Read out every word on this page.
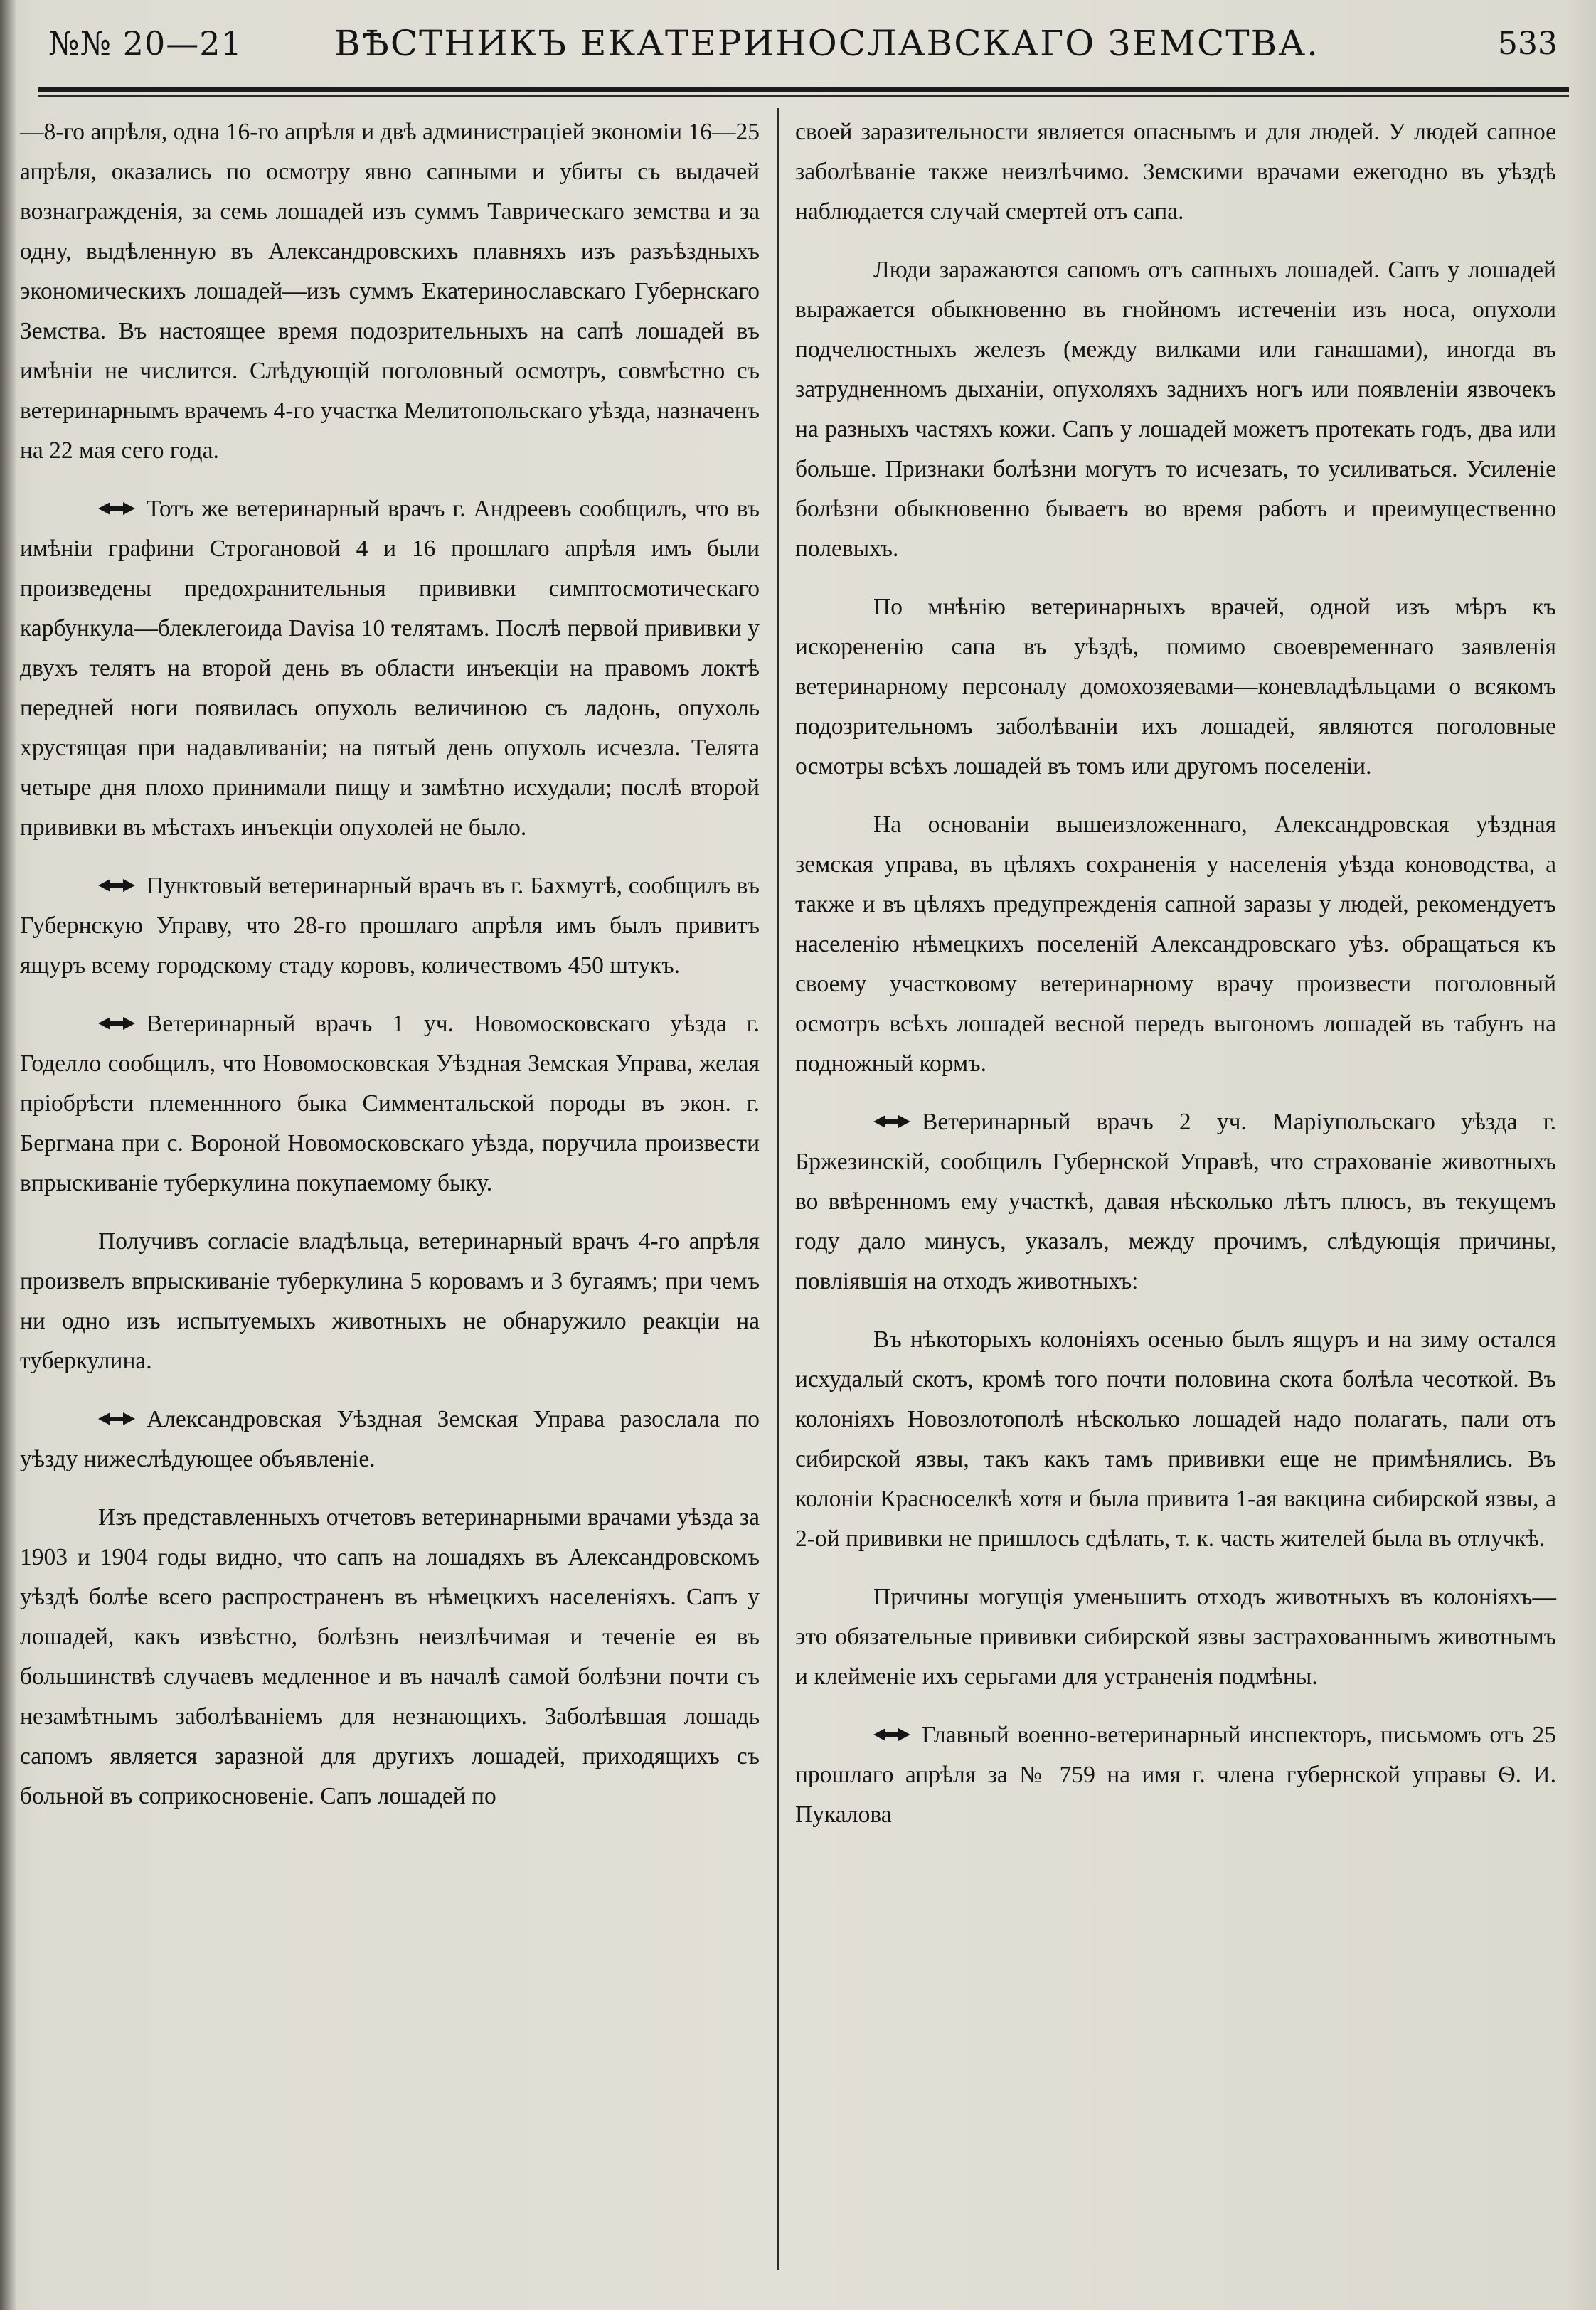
№№ 20—21	ВѢСТНИКЪ ЕКАТЕРИНОСЛАВСКАГО ЗЕМСТВА.	533

—8-го апрѣля, одна 16-го апрѣля и двѣ администраціей экономіи 16—25 апрѣля, оказались по осмотру явно сапными и убиты съ выдачей вознагражденія, за семь лошадей изъ суммъ Таврическаго земства и за одну, выдѣленную въ Александровскихъ плавняхъ изъ разъѣздныхъ экономическихъ лошадей—изъ суммъ Екатеринославскаго Губернскаго Земства. Въ настоящее время подозрительныхъ на сапѣ лошадей въ имѣніи не числится. Слѣдующій поголовный осмотръ, совмѣстно съ ветеринарнымъ врачемъ 4-го участка Мелитопольскаго уѣзда, назначенъ на 22 мая сего года.

Тотъ же ветеринарный врачъ г. Андреевъ сообщилъ, что въ имѣніи графини Строгановой 4 и 16 прошлаго апрѣля имъ были произведены предохранительныя прививки симптосмотическаго карбункула—блеклегоида Davisa 10 телятамъ. Послѣ первой прививки у двухъ телятъ на второй день въ области инъекціи на правомъ локтѣ передней ноги появилась опухоль величиною съ ладонь, опухоль хрустящая при надавливаніи; на пятый день опухоль исчезла. Телята четыре дня плохо принимали пищу и замѣтно исхудали; послѣ второй прививки въ мѣстахъ инъекціи опухолей не было.

Пунктовый ветеринарный врачъ въ г. Бахмутѣ, сообщилъ въ Губернскую Управу, что 28-го прошлаго апрѣля имъ былъ привитъ ящуръ всему городскому стаду коровъ, количествомъ 450 штукъ.

Ветеринарный врачъ 1 уч. Новомосковскаго уѣзда г. Годелло сообщилъ, что Новомосковская Уѣздная Земская Управа, желая пріобрѣсти племеннного быка Симментальской породы въ экон. г. Бергмана при с. Вороной Новомосковскаго уѣзда, поручила произвести впрыскиваніе туберкулина покупаемому быку.

Получивъ согласіе владѣльца, ветеринарный врачъ 4-го апрѣля произвелъ впрыскиваніе туберкулина 5 коровамъ и 3 бугаямъ; при чемъ ни одно изъ испытуемыхъ животныхъ не обнаружило реакціи на туберкулина.

Александровская Уѣздная Земская Управа разослала по уѣзду нижеслѣдующее объявленіе.

Изъ представленныхъ отчетовъ ветеринарными врачами уѣзда за 1903 и 1904 годы видно, что сапъ на лошадяхъ въ Александровскомъ уѣздѣ болѣе всего распространенъ въ нѣмецкихъ населеніяхъ. Сапъ у лошадей, какъ извѣстно, болѣзнь неизлѣчимая и теченіе ея въ большинствѣ случаевъ медленное и въ началѣ самой болѣзни почти съ незамѣтнымъ заболѣваніемъ для незнающихъ. Заболѣвшая лошадь сапомъ является заразной для другихъ лошадей, приходящихъ съ больной въ соприкосновеніе. Сапъ лошадей по

своей заразительности является опаснымъ и для людей. У людей сапное заболѣваніе также неизлѣчимо. Земскими врачами ежегодно въ уѣздѣ наблюдается случай смертей отъ сапа.

Люди заражаются сапомъ отъ сапныхъ лошадей. Сапъ у лошадей выражается обыкновенно въ гнойномъ истеченіи изъ носа, опухоли подчелюстныхъ железъ (между вилками или ганашами), иногда въ затрудненномъ дыханіи, опухоляхъ заднихъ ногъ или появленіи язвочекъ на разныхъ частяхъ кожи. Сапъ у лошадей можетъ протекать годъ, два или больше. Признаки болѣзни могутъ то исчезать, то усиливаться. Усиленіе болѣзни обыкновенно бываетъ во время работъ и преимущественно полевыхъ.

По мнѣнію ветеринарныхъ врачей, одной изъ мѣръ къ искорененію сапа въ уѣздѣ, помимо своевременнаго заявленія ветеринарному персоналу домохозяевами—коневладѣльцами о всякомъ подозрительномъ заболѣваніи ихъ лошадей, являются поголовные осмотры всѣхъ лошадей въ томъ или другомъ поселеніи.

На основаніи вышеизложеннаго, Александровская уѣздная земская управа, въ цѣляхъ сохраненія у населенія уѣзда коноводства, а также и въ цѣляхъ предупрежденія сапной заразы у людей, рекомендуетъ населенію нѣмецкихъ поселеній Александровскаго уѣз. обращаться къ своему участковому ветеринарному врачу произвести поголовный осмотръ всѣхъ лошадей весной передъ выгономъ лошадей въ табунъ на подножный кормъ.

Ветеринарный врачъ 2 уч. Маріупольскаго уѣзда г. Бржезинскій, сообщилъ Губернской Управѣ, что страхованіе животныхъ во ввѣренномъ ему участкѣ, давая нѣсколько лѣтъ плюсъ, въ текущемъ году дало минусъ, указалъ, между прочимъ, слѣдующія причины, повліявшія на отходъ животныхъ:

Въ нѣкоторыхъ колоніяхъ осенью былъ ящуръ и на зиму остался исхудалый скотъ, кромѣ того почти половина скота болѣла чесоткой. Въ колоніяхъ Новозлотополѣ нѣсколько лошадей надо полагать, пали отъ сибирской язвы, такъ какъ тамъ прививки еще не примѣнялись. Въ колоніи Красноселкѣ хотя и была привита 1-ая вакцина сибирской язвы, а 2-ой прививки не пришлось сдѣлать, т. к. часть жителей была въ отлучкѣ.

Причины могущія уменьшить отходъ животныхъ въ колоніяхъ—это обязательные прививки сибирской язвы застрахованнымъ животнымъ и клейменіе ихъ серьгами для устраненія подмѣны.

Главный военно-ветеринарный инспекторъ, письмомъ отъ 25 прошлаго апрѣля за № 759 на имя г. члена губернской управы Ѳ. И. Пукалова
